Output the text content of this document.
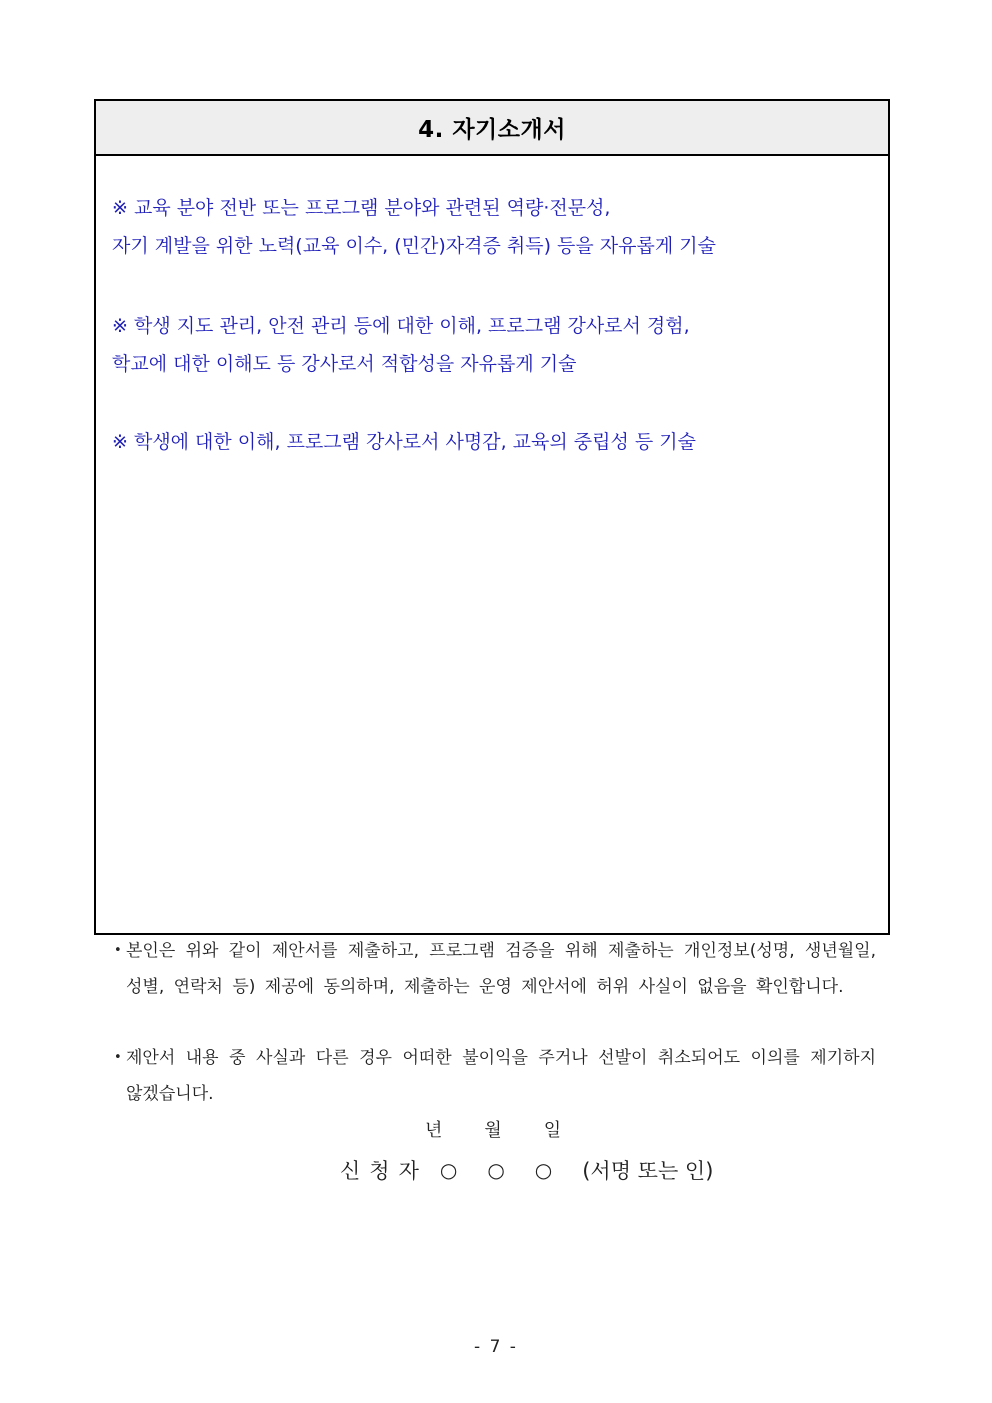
4. 자기소개서

※ 교육 분야 전반 또는 프로그램 분야와 관련된 역량·전문성,

자기 계발을 위한 노력(교육 이수, (민간)자격증 취득) 등을 자유롭게 기술

※ 학생 지도 관리, 안전 관리 등에 대한 이해, 프로그램 강사로서 경험,

학교에 대한 이해도 등 강사로서 적합성을 자유롭게 기술

※ 학생에 대한 이해, 프로그램 강사로서 사명감, 교육의 중립성 등 기술

• 본인은 위와 같이 제안서를 제출하고, 프로그램 검증을 위해 제출하는 개인정보(성명, 생년월일, 성별, 연락처 등) 제공에 동의하며, 제출하는 운영 제안서에 허위 사실이 없음을 확인합니다.
• 제안서 내용 중 사실과 다른 경우 어떠한 불이익을 주거나 선발이 취소되어도 이의를 제기하지 않겠습니다.
년 월 일
신청자 ○ ○ ○ (서명 또는 인)
- 7 -
